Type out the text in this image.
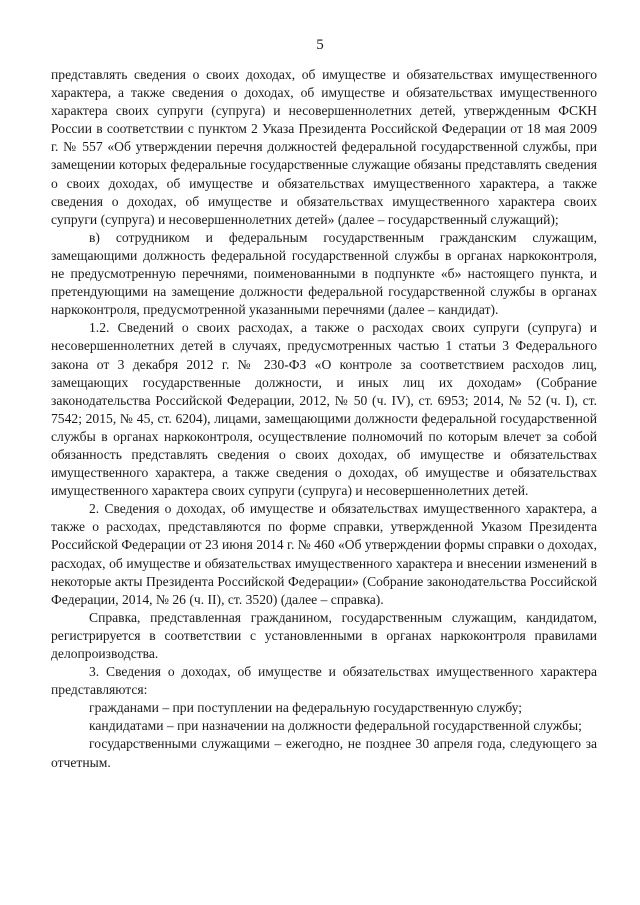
5

представлять сведения о своих доходах, об имуществе и обязательствах имущественного характера, а также сведения о доходах, об имуществе и обязательствах имущественного характера своих супруги (супруга) и несовершеннолетних детей, утвержденным ФСКН России в соответствии с пунктом 2 Указа Президента Российской Федерации от 18 мая 2009 г. № 557 «Об утверждении перечня должностей федеральной государственной службы, при замещении которых федеральные государственные служащие обязаны представлять сведения о своих доходах, об имуществе и обязательствах имущественного характера, а также сведения о доходах, об имуществе и обязательствах имущественного характера своих супруги (супруга) и несовершеннолетних детей» (далее – государственный служащий);

в) сотрудником и федеральным государственным гражданским служащим, замещающими должность федеральной государственной службы в органах наркоконтроля, не предусмотренную перечнями, поименованными в подпункте «б» настоящего пункта, и претендующими на замещение должности федеральной государственной службы в органах наркоконтроля, предусмотренной указанными перечнями (далее – кандидат).

1.2. Сведений о своих расходах, а также о расходах своих супруги (супруга) и несовершеннолетних детей в случаях, предусмотренных частью 1 статьи 3 Федерального закона от 3 декабря 2012 г. № 230-ФЗ «О контроле за соответствием расходов лиц, замещающих государственные должности, и иных лиц их доходам» (Собрание законодательства Российской Федерации, 2012, № 50 (ч. IV), ст. 6953; 2014, № 52 (ч. I), ст. 7542; 2015, № 45, ст. 6204), лицами, замещающими должности федеральной государственной службы в органах наркоконтроля, осуществление полномочий по которым влечет за собой обязанность представлять сведения о своих доходах, об имуществе и обязательствах имущественного характера, а также сведения о доходах, об имуществе и обязательствах имущественного характера своих супруги (супруга) и несовершеннолетних детей.

2. Сведения о доходах, об имуществе и обязательствах имущественного характера, а также о расходах, представляются по форме справки, утвержденной Указом Президента Российской Федерации от 23 июня 2014 г. № 460 «Об утверждении формы справки о доходах, расходах, об имуществе и обязательствах имущественного характера и внесении изменений в некоторые акты Президента Российской Федерации» (Собрание законодательства Российской Федерации, 2014, № 26 (ч. II), ст. 3520) (далее – справка).

Справка, представленная гражданином, государственным служащим, кандидатом, регистрируется в соответствии с установленными в органах наркоконтроля правилами делопроизводства.

3. Сведения о доходах, об имуществе и обязательствах имущественного характера представляются:

гражданами – при поступлении на федеральную государственную службу;

кандидатами – при назначении на должности федеральной государственной службы;

государственными служащими – ежегодно, не позднее 30 апреля года, следующего за отчетным.
